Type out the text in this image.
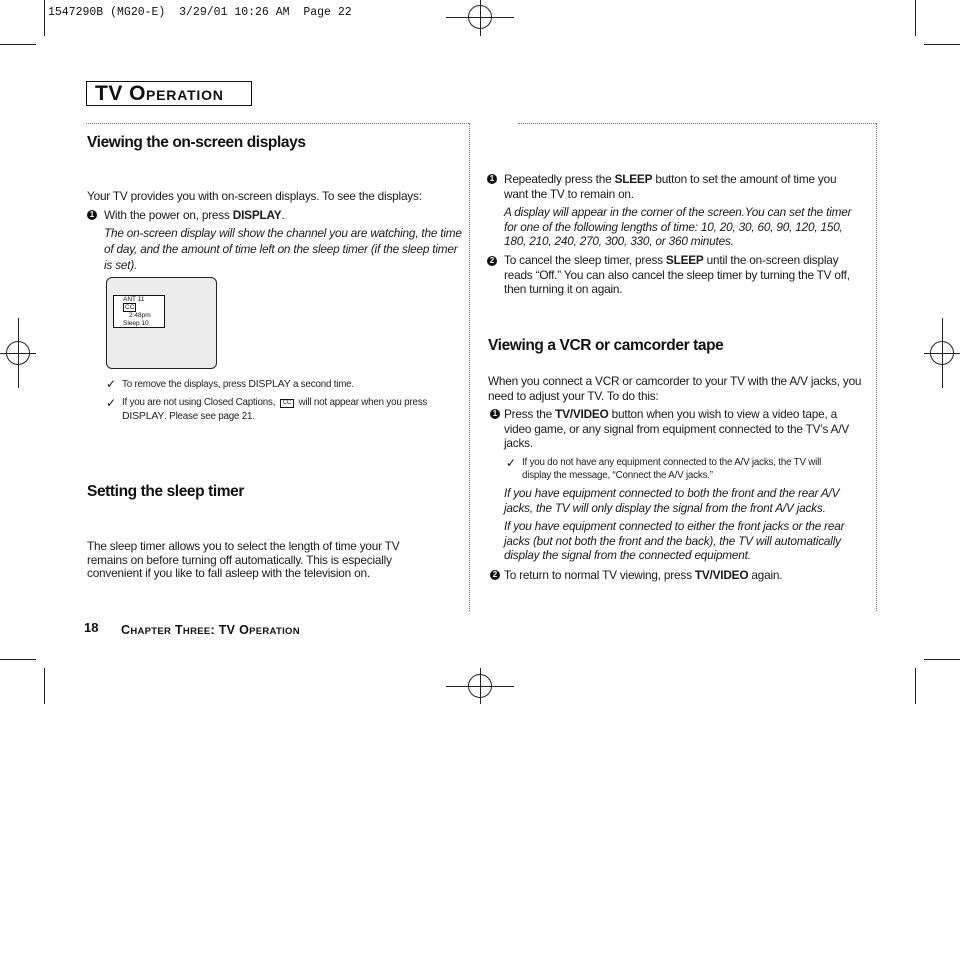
1547290B (MG20-E)  3/29/01 10:26 AM  Page 22
TV OPERATION
Viewing the on-screen displays
Your TV provides you with on-screen displays. To see the displays:
1 With the power on, press DISPLAY.
The on-screen display will show the channel you are watching, the time of day, and the amount of time left on the sleep timer (if the sleep timer is set).
ANT 11
CC
2:48pm
Sleep 10
✓ To remove the displays, press DISPLAY a second time.
✓ If you are not using Closed Captions, CC will not appear when you press
DISPLAY. Please see page 21.
Setting the sleep timer
The sleep timer allows you to select the length of time your TV remains on before turning off automatically. This is especially convenient if you like to fall asleep with the television on.
1 Repeatedly press the SLEEP button to set the amount of time you want the TV to remain on.
A display will appear in the corner of the screen.You can set the timer for one of the following lengths of time: 10, 20, 30, 60, 90, 120, 150, 180, 210, 240, 270, 300, 330, or 360 minutes.
2 To cancel the sleep timer, press SLEEP until the on-screen display reads “Off.” You can also cancel the sleep timer by turning the TV off, then turning it on again.
Viewing a VCR or camcorder tape
When you connect a VCR or camcorder to your TV with the A/V jacks, you need to adjust your TV. To do this:
1 Press the TV/VIDEO button when you wish to view a video tape, a video game, or any signal from equipment connected to the TV’s A/V jacks.
✓ If you do not have any equipment connected to the A/V jacks, the TV will display the message, “Connect the A/V jacks.”
If you have equipment connected to both the front and the rear A/V jacks, the TV will only display the signal from the front A/V jacks.
If you have equipment connected to either the front jacks or the rear jacks (but not both the front and the back), the TV will automatically display the signal from the connected equipment.
2 To return to normal TV viewing, press TV/VIDEO again.
18 CHAPTER THREE: TV OPERATION
